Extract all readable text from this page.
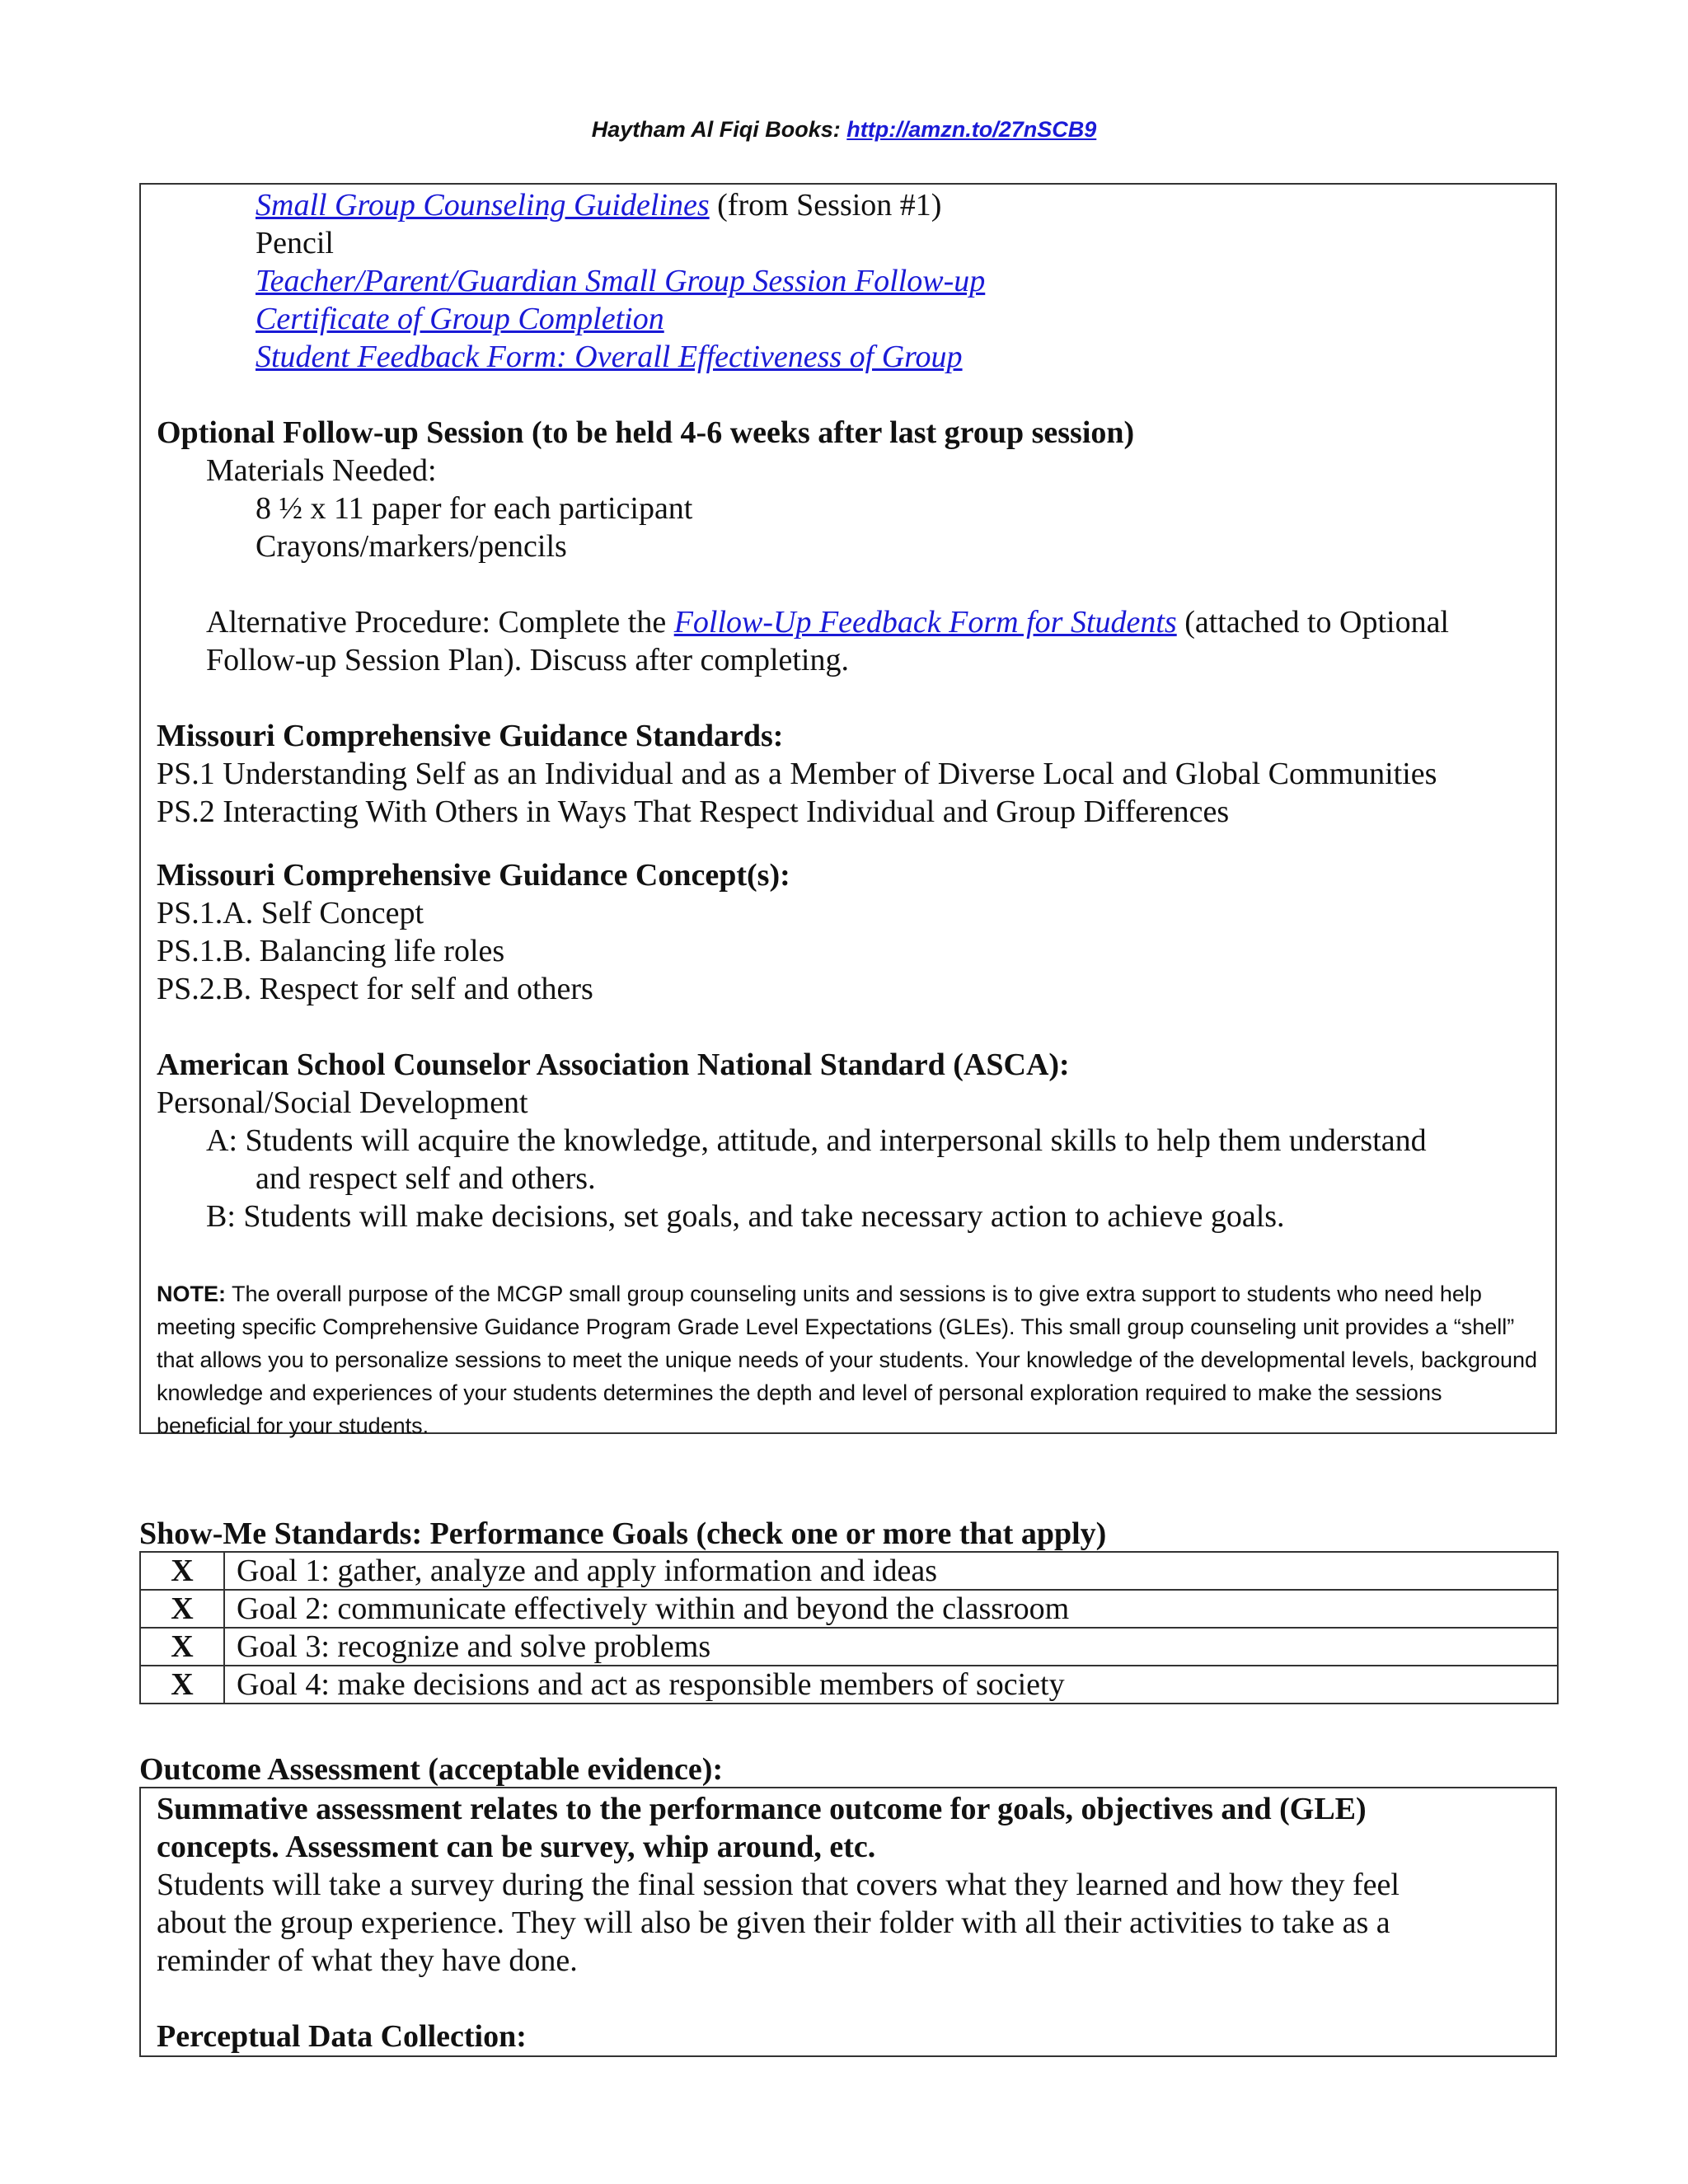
Haytham Al Fiqi Books: http://amzn.to/27nSCB9
Small Group Counseling Guidelines (from Session #1)
Pencil
Teacher/Parent/Guardian Small Group Session Follow-up
Certificate of Group Completion
Student Feedback Form: Overall Effectiveness of Group
Optional Follow-up Session (to be held 4-6 weeks after last group session)
Materials Needed:
8 ½ x 11 paper for each participant
Crayons/markers/pencils
Alternative Procedure: Complete the Follow-Up Feedback Form for Students (attached to Optional
Follow-up Session Plan). Discuss after completing.
Missouri Comprehensive Guidance Standards:
PS.1 Understanding Self as an Individual and as a Member of Diverse Local and Global Communities
PS.2 Interacting With Others in Ways That Respect Individual and Group Differences
Missouri Comprehensive Guidance Concept(s):
PS.1.A. Self Concept
PS.1.B. Balancing life roles
PS.2.B. Respect for self and others
American School Counselor Association National Standard (ASCA):
Personal/Social Development
A: Students will acquire the knowledge, attitude, and interpersonal skills to help them understand
and respect self and others.
B: Students will make decisions, set goals, and take necessary action to achieve goals.
NOTE: The overall purpose of the MCGP small group counseling units and sessions is to give extra support to students who need help meeting specific Comprehensive Guidance Program Grade Level Expectations (GLEs). This small group counseling unit provides a “shell” that allows you to personalize sessions to meet the unique needs of your students. Your knowledge of the developmental levels, background knowledge and experiences of your students determines the depth and level of personal exploration required to make the sessions beneficial for your students.
Show-Me Standards: Performance Goals (check one or more that apply)
X	Goal 1: gather, analyze and apply information and ideas
X	Goal 2: communicate effectively within and beyond the classroom
X	Goal 3: recognize and solve problems
X	Goal 4: make decisions and act as responsible members of society
Outcome Assessment (acceptable evidence):
Summative assessment relates to the performance outcome for goals, objectives and (GLE)
concepts. Assessment can be survey, whip around, etc.
Students will take a survey during the final session that covers what they learned and how they feel
about the group experience. They will also be given their folder with all their activities to take as a
reminder of what they have done.
Perceptual Data Collection:
